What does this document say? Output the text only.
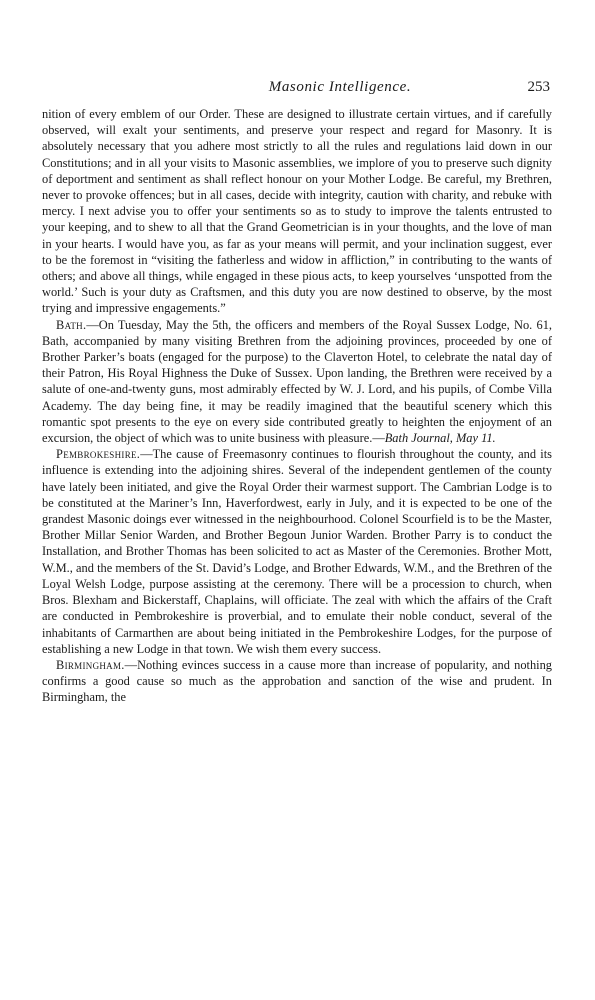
Masonic Intelligence.	253

nition of every emblem of our Order. These are designed to illustrate certain virtues, and if carefully observed, will exalt your sentiments, and preserve your respect and regard for Masonry. It is absolutely necessary that you adhere most strictly to all the rules and regulations laid down in our Constitutions; and in all your visits to Masonic assemblies, we implore of you to preserve such dignity of deportment and sentiment as shall reflect honour on your Mother Lodge. Be careful, my Brethren, never to provoke offences; but in all cases, decide with integrity, caution with charity, and rebuke with mercy. I next advise you to offer your sentiments so as to study to improve the talents entrusted to your keeping, and to shew to all that the Grand Geometrician is in your thoughts, and the love of man in your hearts. I would have you, as far as your means will permit, and your inclination suggest, ever to be the foremost in “visiting the fatherless and widow in affliction,” in contributing to the wants of others; and above all things, while engaged in these pious acts, to keep yourselves ‘unspotted from the world.’ Such is your duty as Craftsmen, and this duty you are now destined to observe, by the most trying and impressive engagements.”

Bath.—On Tuesday, May the 5th, the officers and members of the Royal Sussex Lodge, No. 61, Bath, accompanied by many visiting Brethren from the adjoining provinces, proceeded by one of Brother Parker’s boats (engaged for the purpose) to the Claverton Hotel, to celebrate the natal day of their Patron, His Royal Highness the Duke of Sussex. Upon landing, the Brethren were received by a salute of one-and-twenty guns, most admirably effected by W. J. Lord, and his pupils, of Combe Villa Academy. The day being fine, it may be readily imagined that the beautiful scenery which this romantic spot presents to the eye on every side contributed greatly to heighten the enjoyment of an excursion, the object of which was to unite business with pleasure.—Bath Journal, May 11.

Pembrokeshire.—The cause of Freemasonry continues to flourish throughout the county, and its influence is extending into the adjoining shires. Several of the independent gentlemen of the county have lately been initiated, and give the Royal Order their warmest support. The Cambrian Lodge is to be constituted at the Mariner’s Inn, Haverfordwest, early in July, and it is expected to be one of the grandest Masonic doings ever witnessed in the neighbourhood. Colonel Scourfield is to be the Master, Brother Millar Senior Warden, and Brother Begoun Junior Warden. Brother Parry is to conduct the Installation, and Brother Thomas has been solicited to act as Master of the Ceremonies. Brother Mott, W.M., and the members of the St. David’s Lodge, and Brother Edwards, W.M., and the Brethren of the Loyal Welsh Lodge, purpose assisting at the ceremony. There will be a procession to church, when Bros. Blexham and Bickerstaff, Chaplains, will officiate. The zeal with which the affairs of the Craft are conducted in Pembrokeshire is proverbial, and to emulate their noble conduct, several of the inhabitants of Carmarthen are about being initiated in the Pembrokeshire Lodges, for the purpose of establishing a new Lodge in that town. We wish them every success.

Birmingham.—Nothing evinces success in a cause more than increase of popularity, and nothing confirms a good cause so much as the approbation and sanction of the wise and prudent. In Birmingham, the
